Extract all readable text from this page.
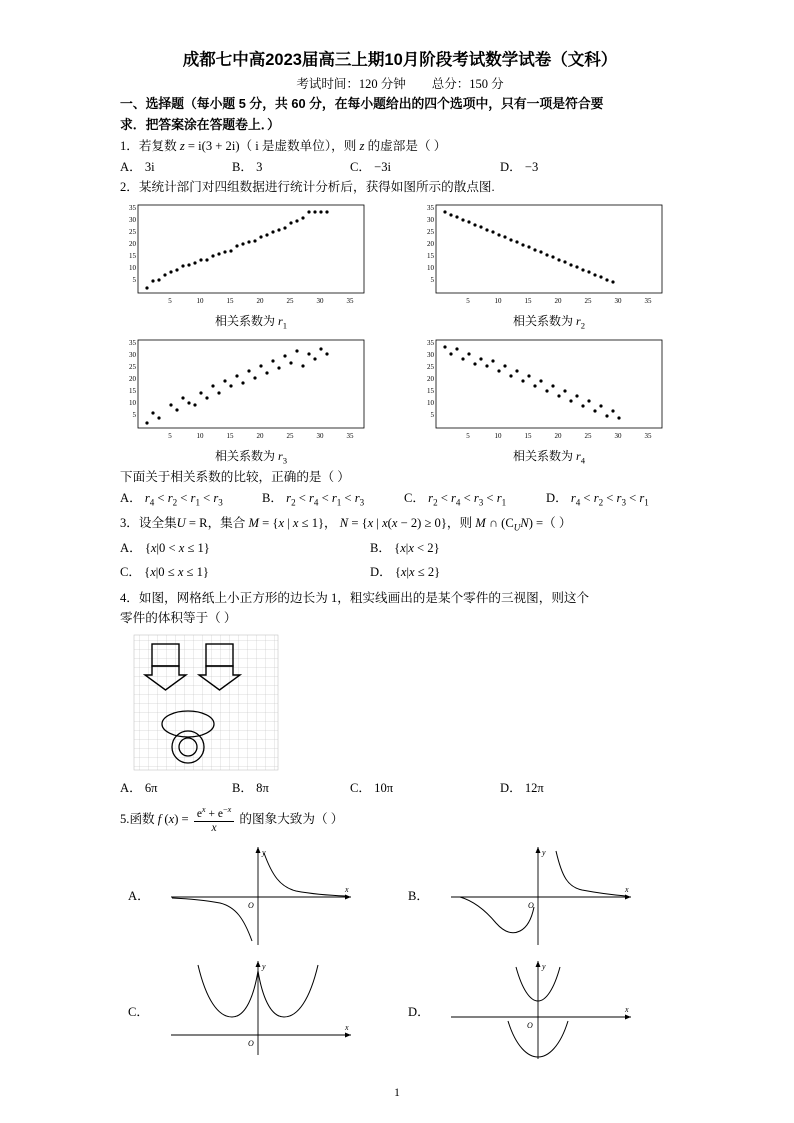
成都七中高2023届高三上期10月阶段考试数学试卷（文科）
考试时间：120 分钟 总分：150 分
一、选择题（每小题 5 分，共 60 分，在每小题给出的四个选项中，只有一项是符合要
求．把答案涂在答题卷上．）
1．若复数 z = i(3 + 2i)（ i 是虚数单位），则 z 的虚部是（ ）
A． 3i	B． 3	C． −3i	D． −3
2．某统计部门对四组数据进行统计分析后，获得如图所示的散点图.
35
30
25
20
15
10
5
5	10	15	20	25	30	35
相关系数为 $r_1$
35
30
25
20
15
10
5
5	10	15	20	25	30	35
相关系数为 $r_2$
35
30
25
20
15
10
5
5	10	15	20	25	30	35
相关系数为 $r_3$
35
30
25
20
15
10
5
5	10	15	20	25	30	35
相关系数为 $r_4$
下面关于相关系数的比较，正确的是（ ）
A． $r_4 < r_2 < r_1 < r_3$	B． $r_2 < r_4 < r_1 < r_3$	C． $r_2 < r_4 < r_3 < r_1$	D． $r_4 < r_2 < r_3 < r_1$
3．设全集U = R，集合 M = {x | x ≤ 1}， N = {x | x(x − 2) ≥ 0}，则 M ∩ $(C_UN)$ =（ ）
A． {x|0 < x ≤ 1}	B． {x|x < 2}
C． {x|0 ≤ x ≤ 1}	D． {x|x ≤ 2}
4．如图，网格纸上小正方形的边长为 1，粗实线画出的是某个零件的三视图，则这个
零件的体积等于（ ）
A． 6π	B． 8π	C． 10π	D． 12π
5.函数 f $(x) = \frac{e^x + e^{-x}}{x}$ 的图象大致为（ ）
A．
y
x
O
B．
y
x
O
C．
y
x
O
D．
y
x
O
1
